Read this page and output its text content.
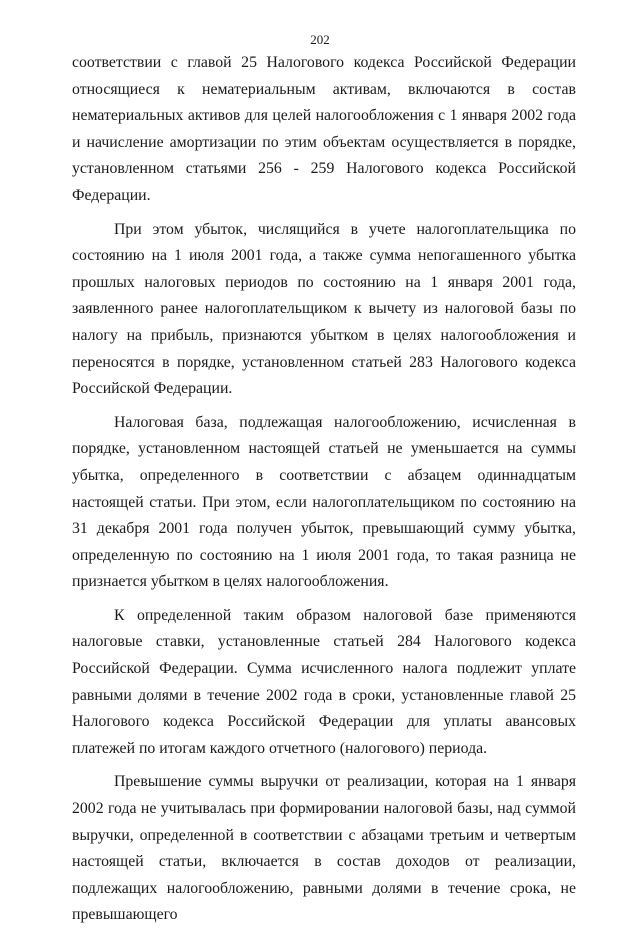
202

соответствии с главой 25 Налогового кодекса Российской Федерации относящиеся к нематериальным активам, включаются в состав нематериальных активов для целей налогообложения с 1 января 2002 года и начисление амортизации по этим объектам осуществляется в порядке, установленном статьями 256 - 259 Налогового кодекса Российской Федерации.

При этом убыток, числящийся в учете налогоплательщика по состоянию на 1 июля 2001 года, а также сумма непогашенного убытка прошлых налоговых периодов по состоянию на 1 января 2001 года, заявленного ранее налогоплательщиком к вычету из налоговой базы по налогу на прибыль, признаются убытком в целях налогообложения и переносятся в порядке, установленном статьей 283 Налогового кодекса Российской Федерации.

Налоговая база, подлежащая налогообложению, исчисленная в порядке, установленном настоящей статьей не уменьшается на суммы убытка, определенного в соответствии с абзацем одиннадцатым настоящей статьи. При этом, если налогоплательщиком по состоянию на 31 декабря 2001 года получен убыток, превышающий сумму убытка, определенную по состоянию на 1 июля 2001 года, то такая разница не признается убытком в целях налогообложения.

К определенной таким образом налоговой базе применяются налоговые ставки, установленные статьей 284 Налогового кодекса Российской Федерации. Сумма исчисленного налога подлежит уплате равными долями в течение 2002 года в сроки, установленные главой 25 Налогового кодекса Российской Федерации для уплаты авансовых платежей по итогам каждого отчетного (налогового) периода.

Превышение суммы выручки от реализации, которая на 1 января 2002 года не учитывалась при формировании налоговой базы, над суммой выручки, определенной в соответствии с абзацами третьим и четвертым настоящей статьи, включается в состав доходов от реализации, подлежащих налогообложению, равными долями в течение срока, не превышающего
